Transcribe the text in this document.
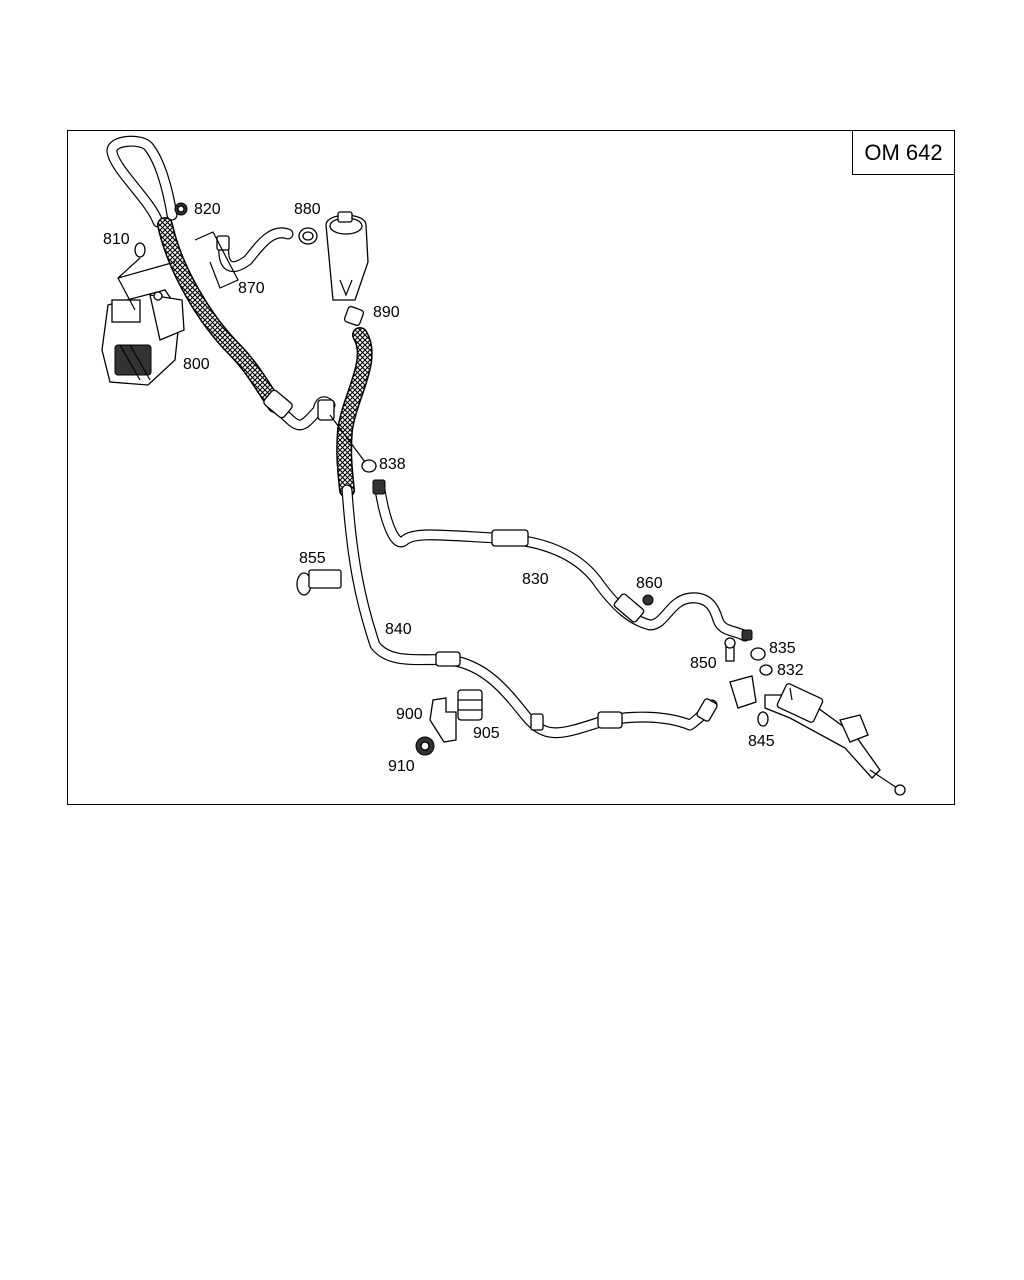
OM 642
820
810
880
870
890
800
838
855
830	860
840
835
850	832
900
905	845
910
